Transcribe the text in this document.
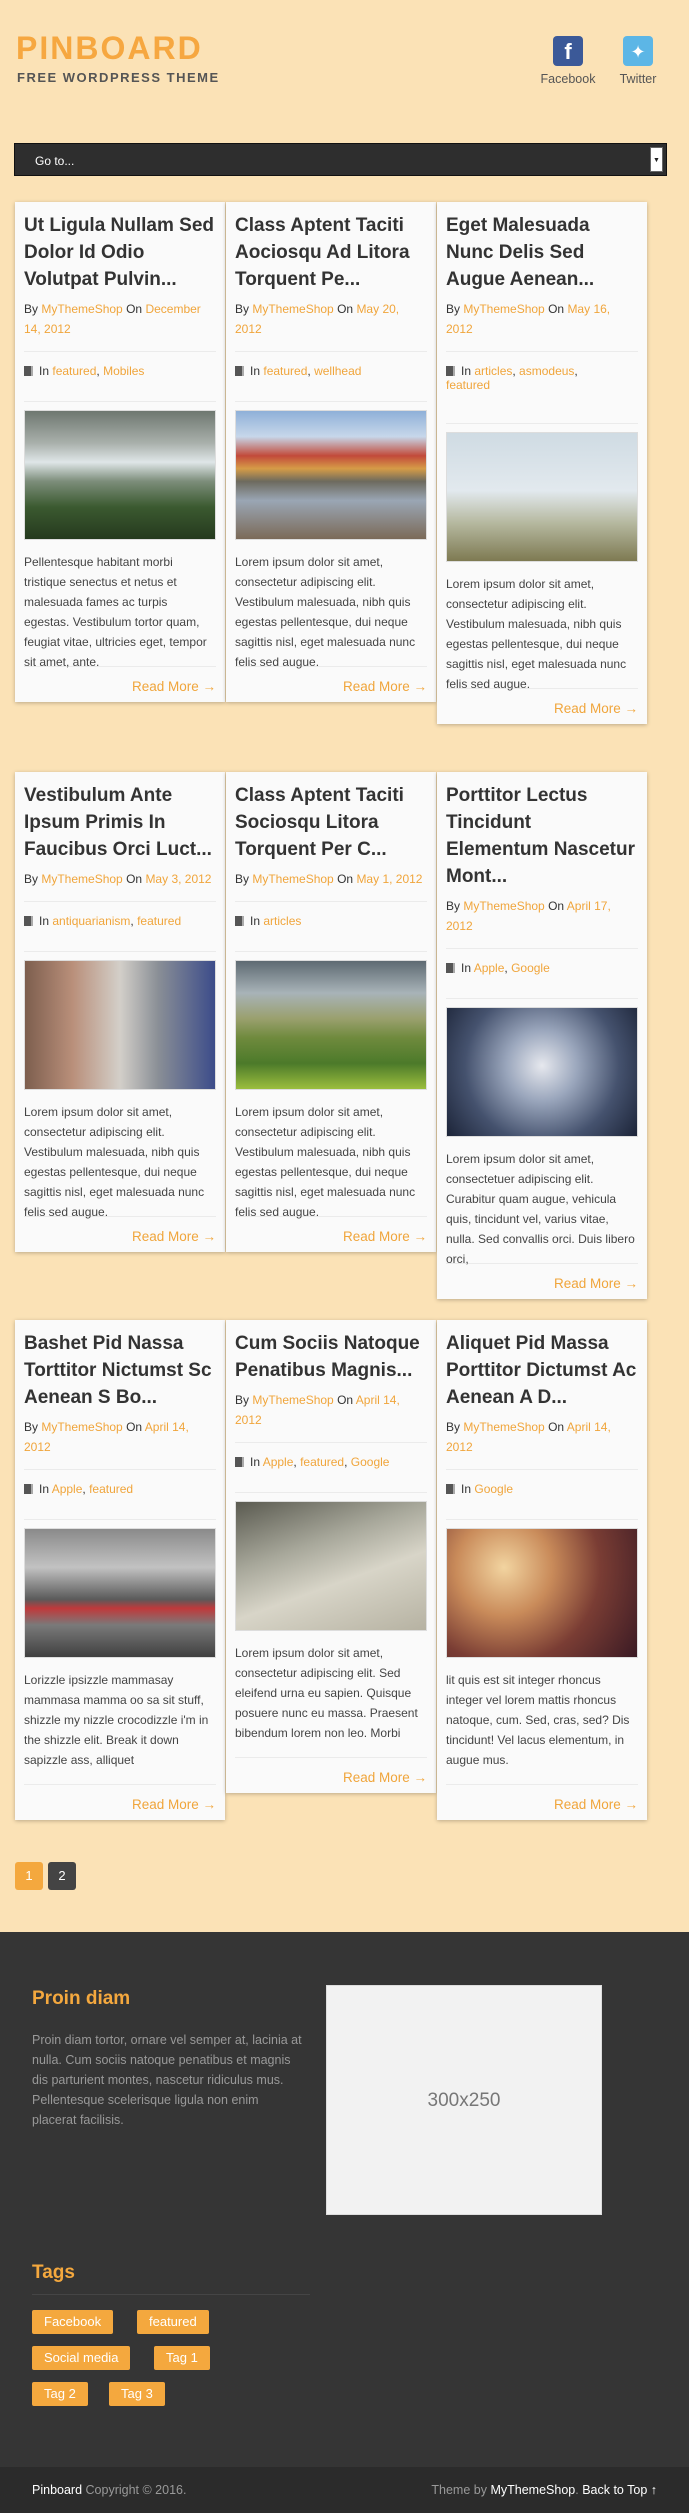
PINBOARD
FREE WORDPRESS THEME
f
Facebook
✦
Twitter
Go to...	▼
Ut Ligula Nullam Sed Dolor Id Odio Volutpat Pulvin...
By MyThemeShop On December 14, 2012
In featured, Mobiles
Pellentesque habitant morbi tristique senectus et netus et malesuada fames ac turpis egestas. Vestibulum tortor quam, feugiat vitae, ultricies eget, tempor sit amet, ante.
Read More →
Class Aptent Taciti Aociosqu Ad Litora Torquent Pe...
By MyThemeShop On May 20, 2012
In featured, wellhead
Lorem ipsum dolor sit amet, consectetur adipiscing elit. Vestibulum malesuada, nibh quis egestas pellentesque, dui neque sagittis nisl, eget malesuada nunc felis sed augue.
Read More →
Eget Malesuada Nunc Delis Sed Augue Aenean...
By MyThemeShop On May 16, 2012
In articles, asmodeus,
featured
Lorem ipsum dolor sit amet, consectetur adipiscing elit. Vestibulum malesuada, nibh quis egestas pellentesque, dui neque sagittis nisl, eget malesuada nunc felis sed augue.
Read More →
Vestibulum Ante Ipsum Primis In Faucibus Orci Luct...
By MyThemeShop On May 3, 2012
In antiquarianism, featured
Lorem ipsum dolor sit amet, consectetur adipiscing elit. Vestibulum malesuada, nibh quis egestas pellentesque, dui neque sagittis nisl, eget malesuada nunc felis sed augue.
Read More →
Class Aptent Taciti Sociosqu Litora Torquent Per C...
By MyThemeShop On May 1, 2012
In articles
Lorem ipsum dolor sit amet, consectetur adipiscing elit. Vestibulum malesuada, nibh quis egestas pellentesque, dui neque sagittis nisl, eget malesuada nunc felis sed augue.
Read More →
Porttitor Lectus Tincidunt Elementum Nascetur Mont...
By MyThemeShop On April 17, 2012
In Apple, Google
Lorem ipsum dolor sit amet, consectetuer adipiscing elit. Curabitur quam augue, vehicula quis, tincidunt vel, varius vitae, nulla. Sed convallis orci. Duis libero orci,
Read More →
Bashet Pid Nassa Torttitor Nictumst Sc Aenean S Bo...
By MyThemeShop On April 14, 2012
In Apple, featured
Lorizzle ipsizzle mammasay mammasa mamma oo sa sit stuff, shizzle my nizzle crocodizzle i'm in the shizzle elit. Break it down sapizzle ass, alliquet
Read More →
Cum Sociis Natoque Penatibus Magnis...
By MyThemeShop On April 14, 2012
In Apple, featured, Google
Lorem ipsum dolor sit amet, consectetur adipiscing elit. Sed eleifend urna eu sapien. Quisque posuere nunc eu massa. Praesent bibendum lorem non leo. Morbi
Read More →
Aliquet Pid Massa Porttitor Dictumst Ac Aenean A D...
By MyThemeShop On April 14, 2012
In Google
lit quis est sit integer rhoncus integer vel lorem mattis rhoncus natoque, cum. Sed, cras, sed? Dis tincidunt! Vel lacus elementum, in augue mus.
Read More →
1	2
Proin diam
Proin diam tortor, ornare vel semper at, lacinia at nulla. Cum sociis natoque penatibus et magnis dis parturient montes, nascetur ridiculus mus. Pellentesque scelerisque ligula non enim placerat facilisis.
300x250
Tags
Facebook	featured
Social media	Tag 1
Tag 2	Tag 3
Pinboard Copyright © 2016.	Theme by MyThemeShop. Back to Top ↑
